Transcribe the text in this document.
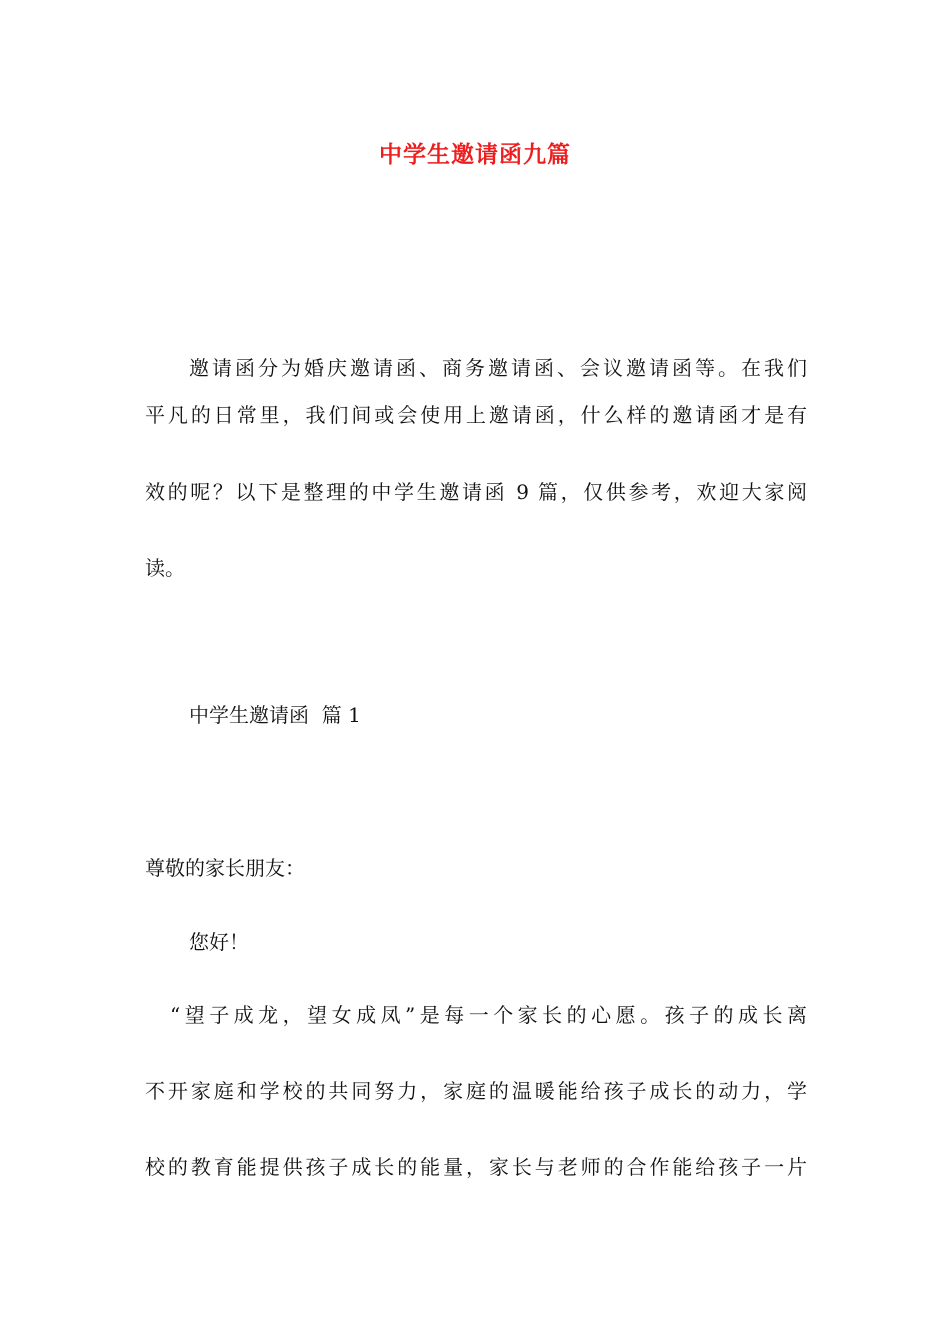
中学生邀请函九篇
邀请函分为婚庆邀请函、商务邀请函、会议邀请函等。在我们
平凡的日常里，我们间或会使用上邀请函，什么样的邀请函才是有
效的呢？以下是整理的中学生邀请函 9 篇，仅供参考，欢迎大家阅
读。
中学生邀请函  篇 1
尊敬的家长朋友：
您好！
“望子成龙，望女成凤”是每一个家长的心愿。孩子的成长离
不开家庭和学校的共同努力，家庭的温暖能给孩子成长的动力，学
校的教育能提供孩子成长的能量，家长与老师的合作能给孩子一片
